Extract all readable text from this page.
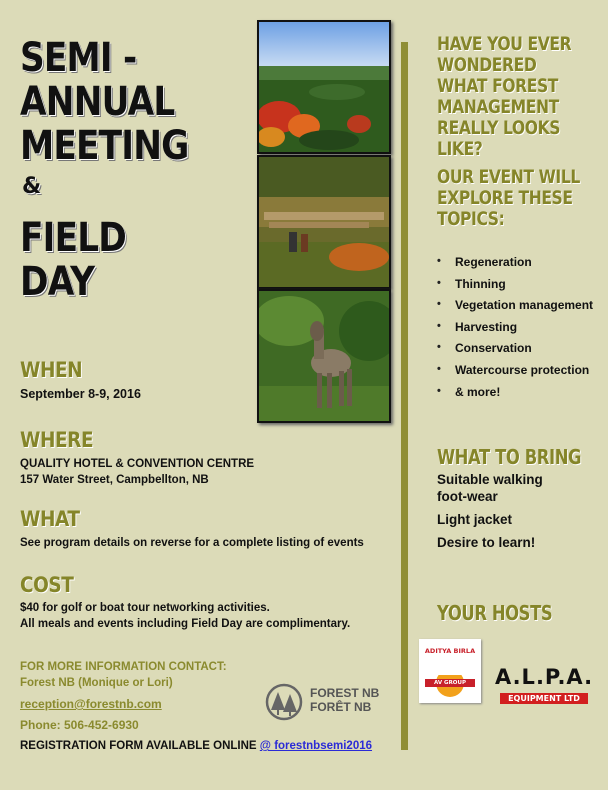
SEMI -
ANNUAL
MEETING
&
FIELD
DAY
WHEN
September 8-9, 2016
WHERE
QUALITY HOTEL & CONVENTION CENTRE
157 Water Street, Campbellton, NB
WHAT
See program details on reverse for a complete listing of events
COST
$40 for golf or boat tour networking activities.
All meals and events including Field Day are complimentary.
FOR MORE INFORMATION CONTACT:
Forest NB (Monique or Lori)
reception@forestnb.com
Phone: 506-452-6930
REGISTRATION FORM AVAILABLE ONLINE @ forestnbsemi2016
HAVE YOU EVER WONDERED WHAT FOREST MANAGEMENT REALLY LOOKS LIKE?
OUR EVENT WILL EXPLORE THESE TOPICS:
• Regeneration
• Thinning
• Vegetation management
• Harvesting
• Conservation
• Watercourse protection
• & more!
WHAT TO BRING
Suitable walking foot-wear
Light jacket
Desire to learn!
YOUR HOSTS
ADITYA BIRLA
AV GROUP	A.L.P.A.
EQUIPMENT LTD
FOREST NB
FORÊT NB
